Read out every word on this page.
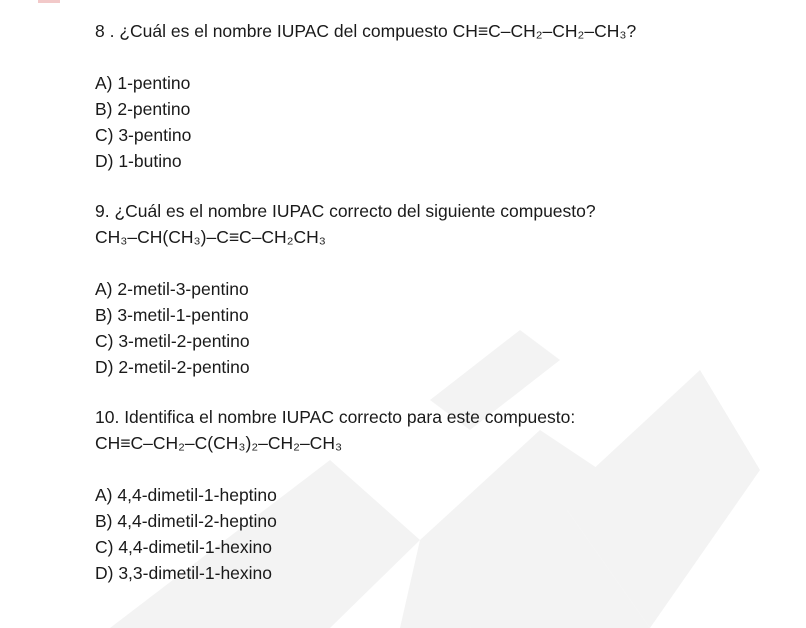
8 . ¿Cuál es el nombre IUPAC del compuesto CH≡C–CH₂–CH₂–CH₃?
A) 1-pentino
B) 2-pentino
C) 3-pentino
D) 1-butino
9. ¿Cuál es el nombre IUPAC correcto del siguiente compuesto?
CH₃–CH(CH₃)–C≡C–CH₂CH₃
A) 2-metil-3-pentino
B) 3-metil-1-pentino
C) 3-metil-2-pentino
D) 2-metil-2-pentino
10. Identifica el nombre IUPAC correcto para este compuesto:
CH≡C–CH₂–C(CH₃)₂–CH₂–CH₃
A) 4,4-dimetil-1-heptino
B) 4,4-dimetil-2-heptino
C) 4,4-dimetil-1-hexino
D) 3,3-dimetil-1-hexino
